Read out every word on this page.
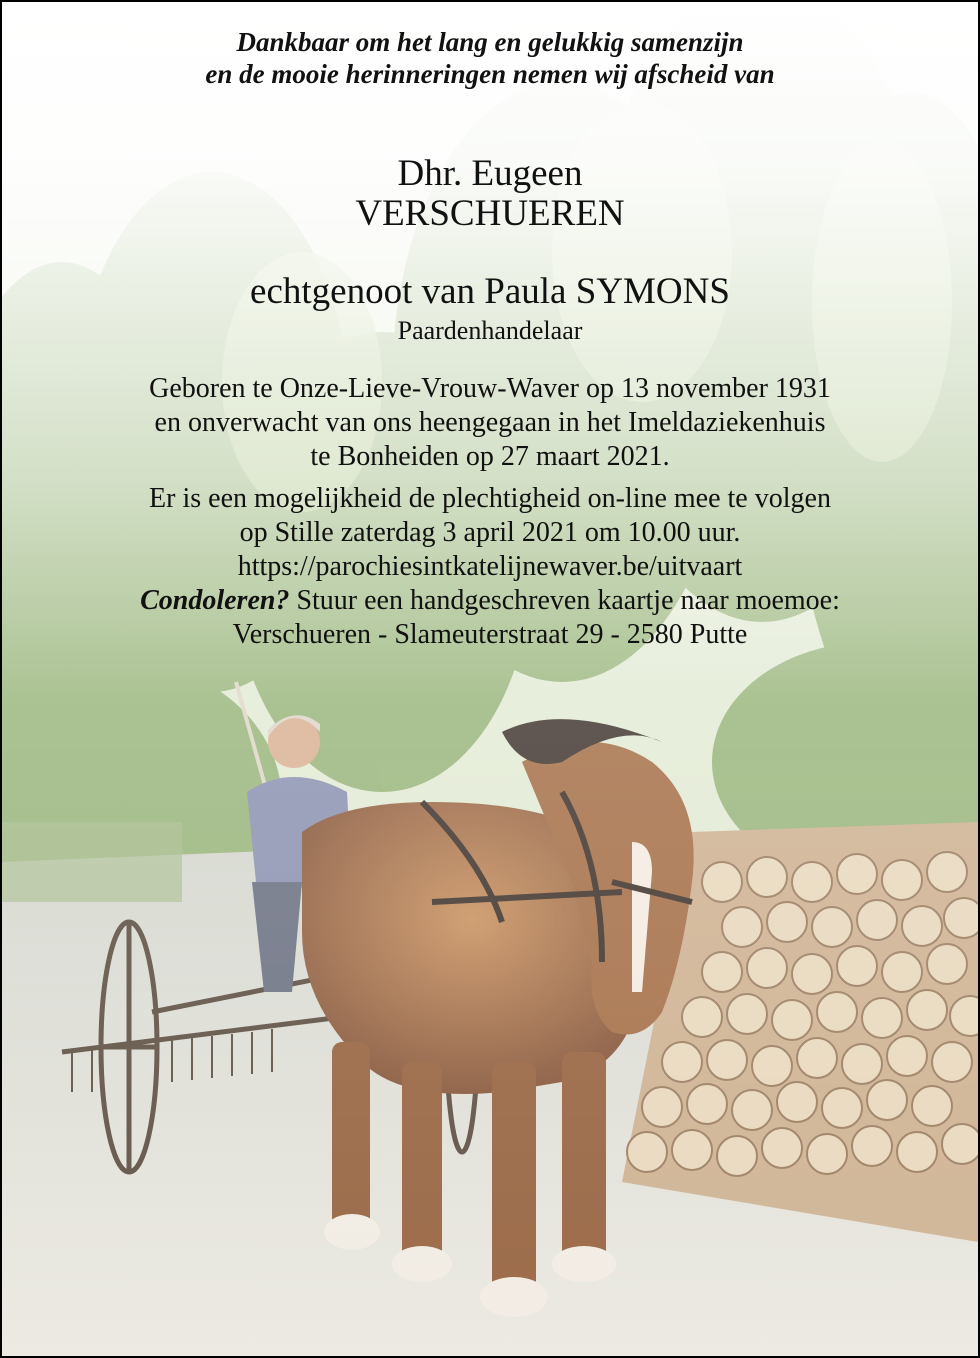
Dankbaar om het lang en gelukkig samenzijn
en de mooie herinneringen nemen wij afscheid van
Dhr. Eugeen
VERSCHUEREN
echtgenoot van Paula SYMONS
Paardenhandelaar
Geboren te Onze-Lieve-Vrouw-Waver op 13 november 1931
en onverwacht van ons heengegaan in het Imeldaziekenhuis
te Bonheiden op 27 maart 2021.
Er is een mogelijkheid de plechtigheid on-line mee te volgen
op Stille zaterdag 3 april 2021 om 10.00 uur.
https://parochiesintkatelijnewaver.be/uitvaart
Condoleren? Stuur een handgeschreven kaartje naar moemoe:
Verschueren - Slameuterstraat 29 - 2580 Putte
